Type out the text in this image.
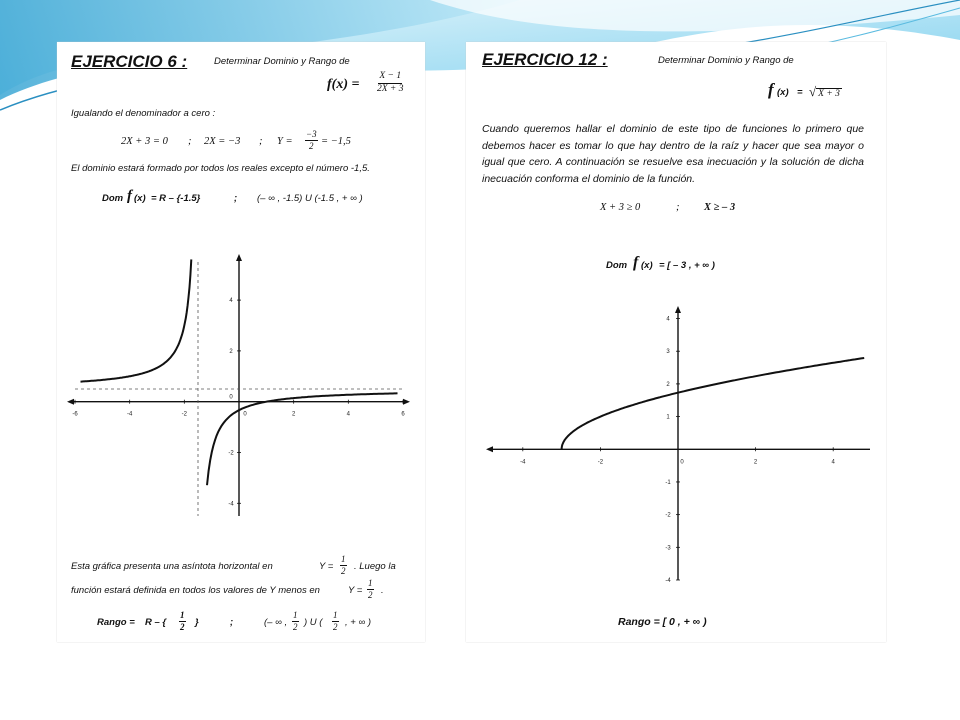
EJERCICIO 6 :	Determinar Dominio y Rango de
$f(x) = \frac{X - 1}{2X + 3}$
Igualando el denominador a cero :
2X + 3 = 0 ; 2X = −3 ; $Y = \frac{-3}{2} = -1,5$
El dominio estará formado por todos los reales excepto el número -1,5.
Dom f (x) = R – {-1.5}	; (– ∞ , -1.5) U (-1.5 , + ∞ )
-6	-4	-2	0	2	4	6
4
2
0
-2
-4
Esta gráfica presenta una asíntota horizontal en	$Y = \frac{1}{2}$ . Luego la
función estará definida en todos los valores de Y menos en	$Y = \frac{1}{2}$ .
Rango = R – { $\frac{1}{2}$ }	;	(– ∞ , $\frac{1}{2}$ ) U ( $\frac{1}{2}$ , + ∞ )
EJERCICIO 12 :	Determinar Dominio y Rango de
f (x) = √ X + 3
Cuando queremos hallar el dominio de este tipo de funciones lo primero que debemos hacer es tomar lo que hay dentro de la raíz y hacer que sea mayor o igual que cero. A continuación se resuelve esa inecuación y la solución de dicha inecuación conforma el dominio de la función.
X + 3 ≥ 0	; X ≥ – 3
Dom f (x) = [ – 3 , + ∞ )
-4	-2	0	2	4
4
3
2
1
-1
-2
-3
-4
Rango = [ 0 , + ∞ )
